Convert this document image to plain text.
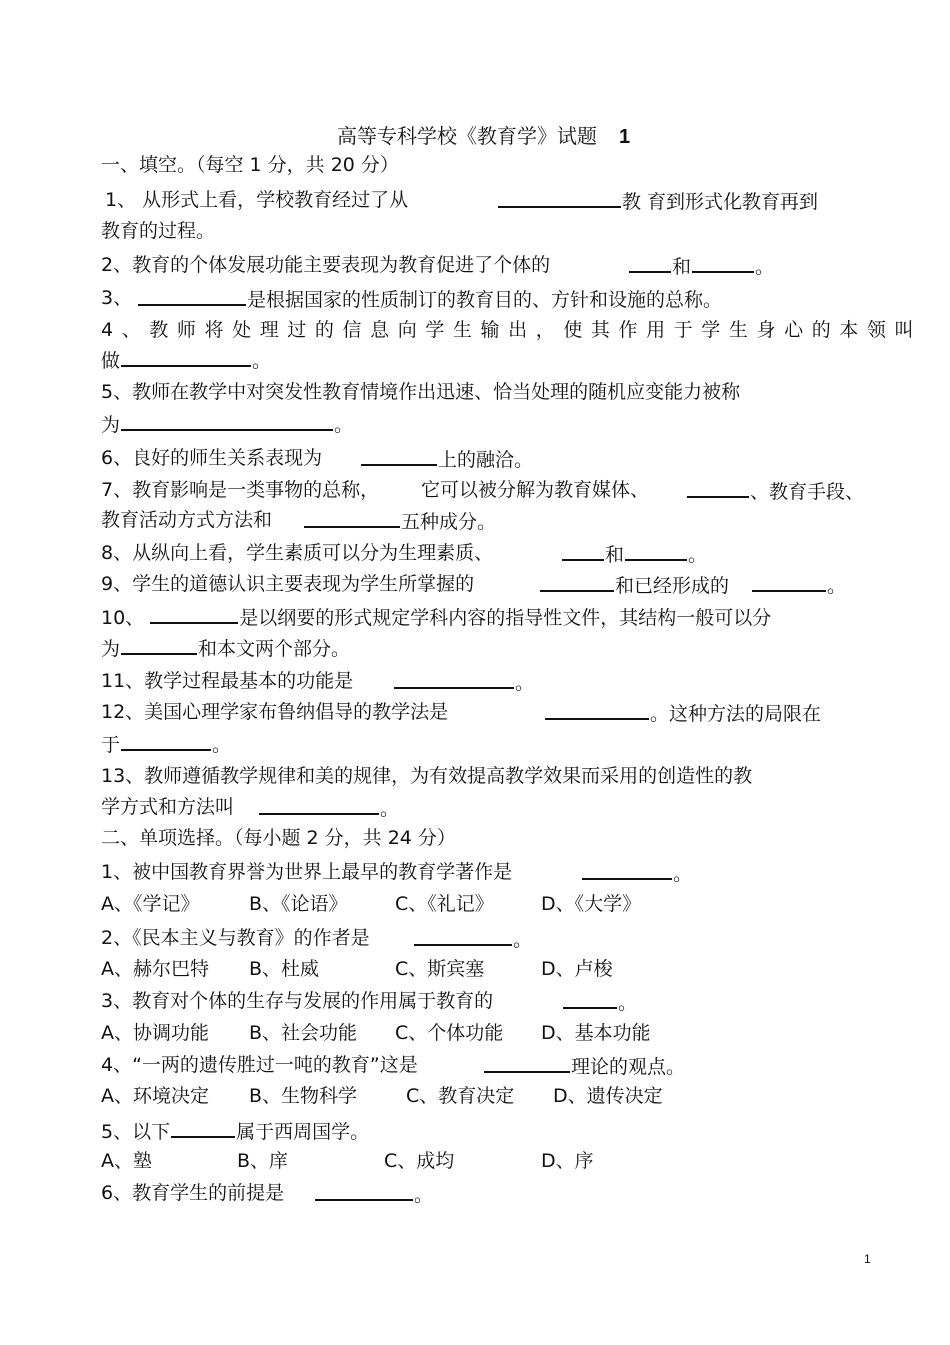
高等专科学校《教育学》试题 1
一、填空。（每空 1 分，共 20 分）
1、 从形式上看，学校教育经过了从	教 育到形式化教育再到
教育的过程。
2、教育的个体发展功能主要表现为教育促进了个体的	和	。
3、	是根据国家的性质制订的教育目的、方针和设施的总称。
4、教师将处理过的信息向学生输出，使其作用于学生身心的本领叫
做	。
5、教师在教学中对突发性教育情境作出迅速、恰当处理的随机应变能力被称
为	。
6、良好的师生关系表现为	上的融洽。
7、教育影响是一类事物的总称， 它可以被分解为教育媒体、	、教育手段、
教育活动方式方法和	五种成分。
8、从纵向上看，学生素质可以分为生理素质、	和	。
9、学生的道德认识主要表现为学生所掌握的	和已经形成的	。
10、	是以纲要的形式规定学科内容的指导性文件，其结构一般可以分
为	和本文两个部分。
11、教学过程最基本的功能是	。
12、美国心理学家布鲁纳倡导的教学法是	。这种方法的局限在
于	。
13、教师遵循教学规律和美的规律，为有效提高教学效果而采用的创造性的教
学方式和方法叫	。
二、单项选择。（每小题 2 分，共 24 分）
1、被中国教育界誉为世界上最早的教育学著作是	。
A、《学记》	B、《论语》 C、《礼记》 D、《大学》
2、《民本主义与教育》的作者是	。
A、赫尔巴特 B、杜威	C、斯宾塞	D、卢梭
3、教育对个体的生存与发展的作用属于教育的	。
A、协调功能 B、社会功能 C、个体功能 D、基本功能
4、“一两的遗传胜过一吨的教育”这是	理论的观点。
A、环境决定 B、生物科学	C、教育决定 D、遗传决定
5、以下	属于西周国学。
A、塾	B、庠	C、成均	D、序
6、教育学生的前提是	。
1
